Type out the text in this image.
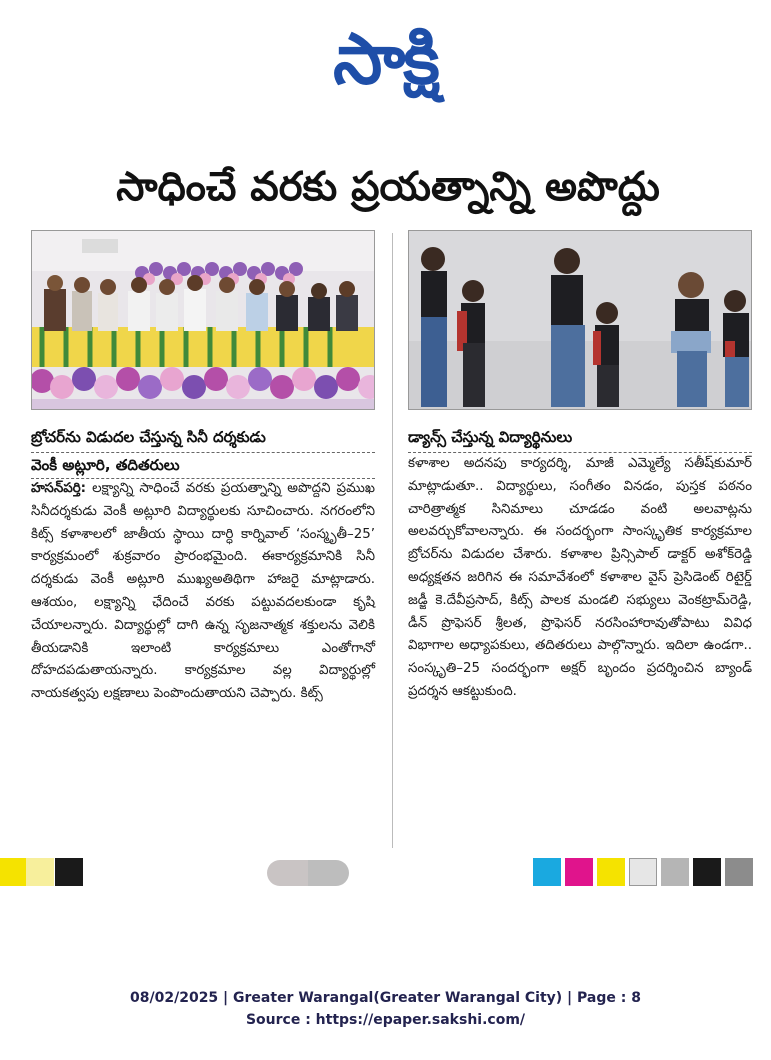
సాక్షి
సాధించే వరకు ప్రయత్నాన్ని అపొద్దు
బ్రోచర్‌ను విడుదల చేస్తున్న సినీ దర్శకుడు
వెంకీ అట్లూరి, తదితరులు
డ్యాన్స్ చేస్తున్న విద్యార్థినులు
హసన్‌పర్తి: లక్ష్యాన్ని సాధించే వరకు ప్రయత్నాన్ని అపొద్దని ప్రముఖ సినీదర్శకుడు వెంకీ అట్లూరి విద్యార్థులకు సూచించారు. నగరంలోని కిట్స్ కళాశాలలో జాతీయ స్థాయి దార్ధి కార్నివాల్ ‘సంస్మృతీ–25’ కార్యక్రమంలో శుక్రవారం ప్రారంభమైంది. ఈకార్యక్రమానికి సినీ దర్శకుడు వెంకీ అట్లూరి ముఖ్యఅతిథిగా హాజరై మాట్లాడారు. ఆశయం, లక్ష్యాన్ని ఛేదించే వరకు పట్టువదలకుండా కృషి చేయాలన్నారు. విద్యార్థుల్లో దాగి ఉన్న సృజనాత్మక శక్తులను వెలికి తీయడానికి ఇలాంటి కార్యక్రమాలు ఎంతోగానో దోహదపడుతాయన్నారు. కార్యక్రమాల వల్ల విద్యార్థుల్లో నాయకత్వపు లక్షణాలు పెంపొందుతాయని చెప్పారు. కిట్స్
కళాశాల అదనపు కార్యదర్శి, మాజీ ఎమ్మెల్యే సతీష్‌కుమార్ మాట్లాడుతూ.. విద్యార్థులు, సంగీతం వినడం, పుస్తక పఠనం చారిత్రాత్మక సినిమాలు చూడడం వంటి అలవాట్లను అలవర్చుకోవాలన్నారు. ఈ సందర్భంగా సాంస్కృతిక కార్యక్రమాల బ్రోచర్‌ను విడుదల చేశారు. కళాశాల ప్రిన్సిపాల్ డాక్టర్ అశోక్‌రెడ్డి అధ్యక్షతన జరిగిన ఈ సమావేశంలో కళాశాల వైస్ ప్రెసిడెంట్ రిటైర్డ్ జడ్జీ కె.దేవీప్రసాద్, కిట్స్ పాలక మండలి సభ్యులు వెంకట్రామ్‌రెడ్డి, డీన్ ప్రొఫెసర్ శ్రీలత, ప్రొఫెసర్ నరసింహారావుతోపాటు వివిధ విభాగాల అధ్యాపకులు, తదితరులు పాల్గొన్నారు. ఇదిలా ఉండగా.. సంస్కృతి–25 సందర్భంగా అక్షర్ బృందం ప్రదర్శించిన బ్యాండ్ ప్రదర్శన ఆకట్టుకుంది.
08/02/2025 | Greater Warangal(Greater Warangal City) | Page : 8
Source : https://epaper.sakshi.com/
